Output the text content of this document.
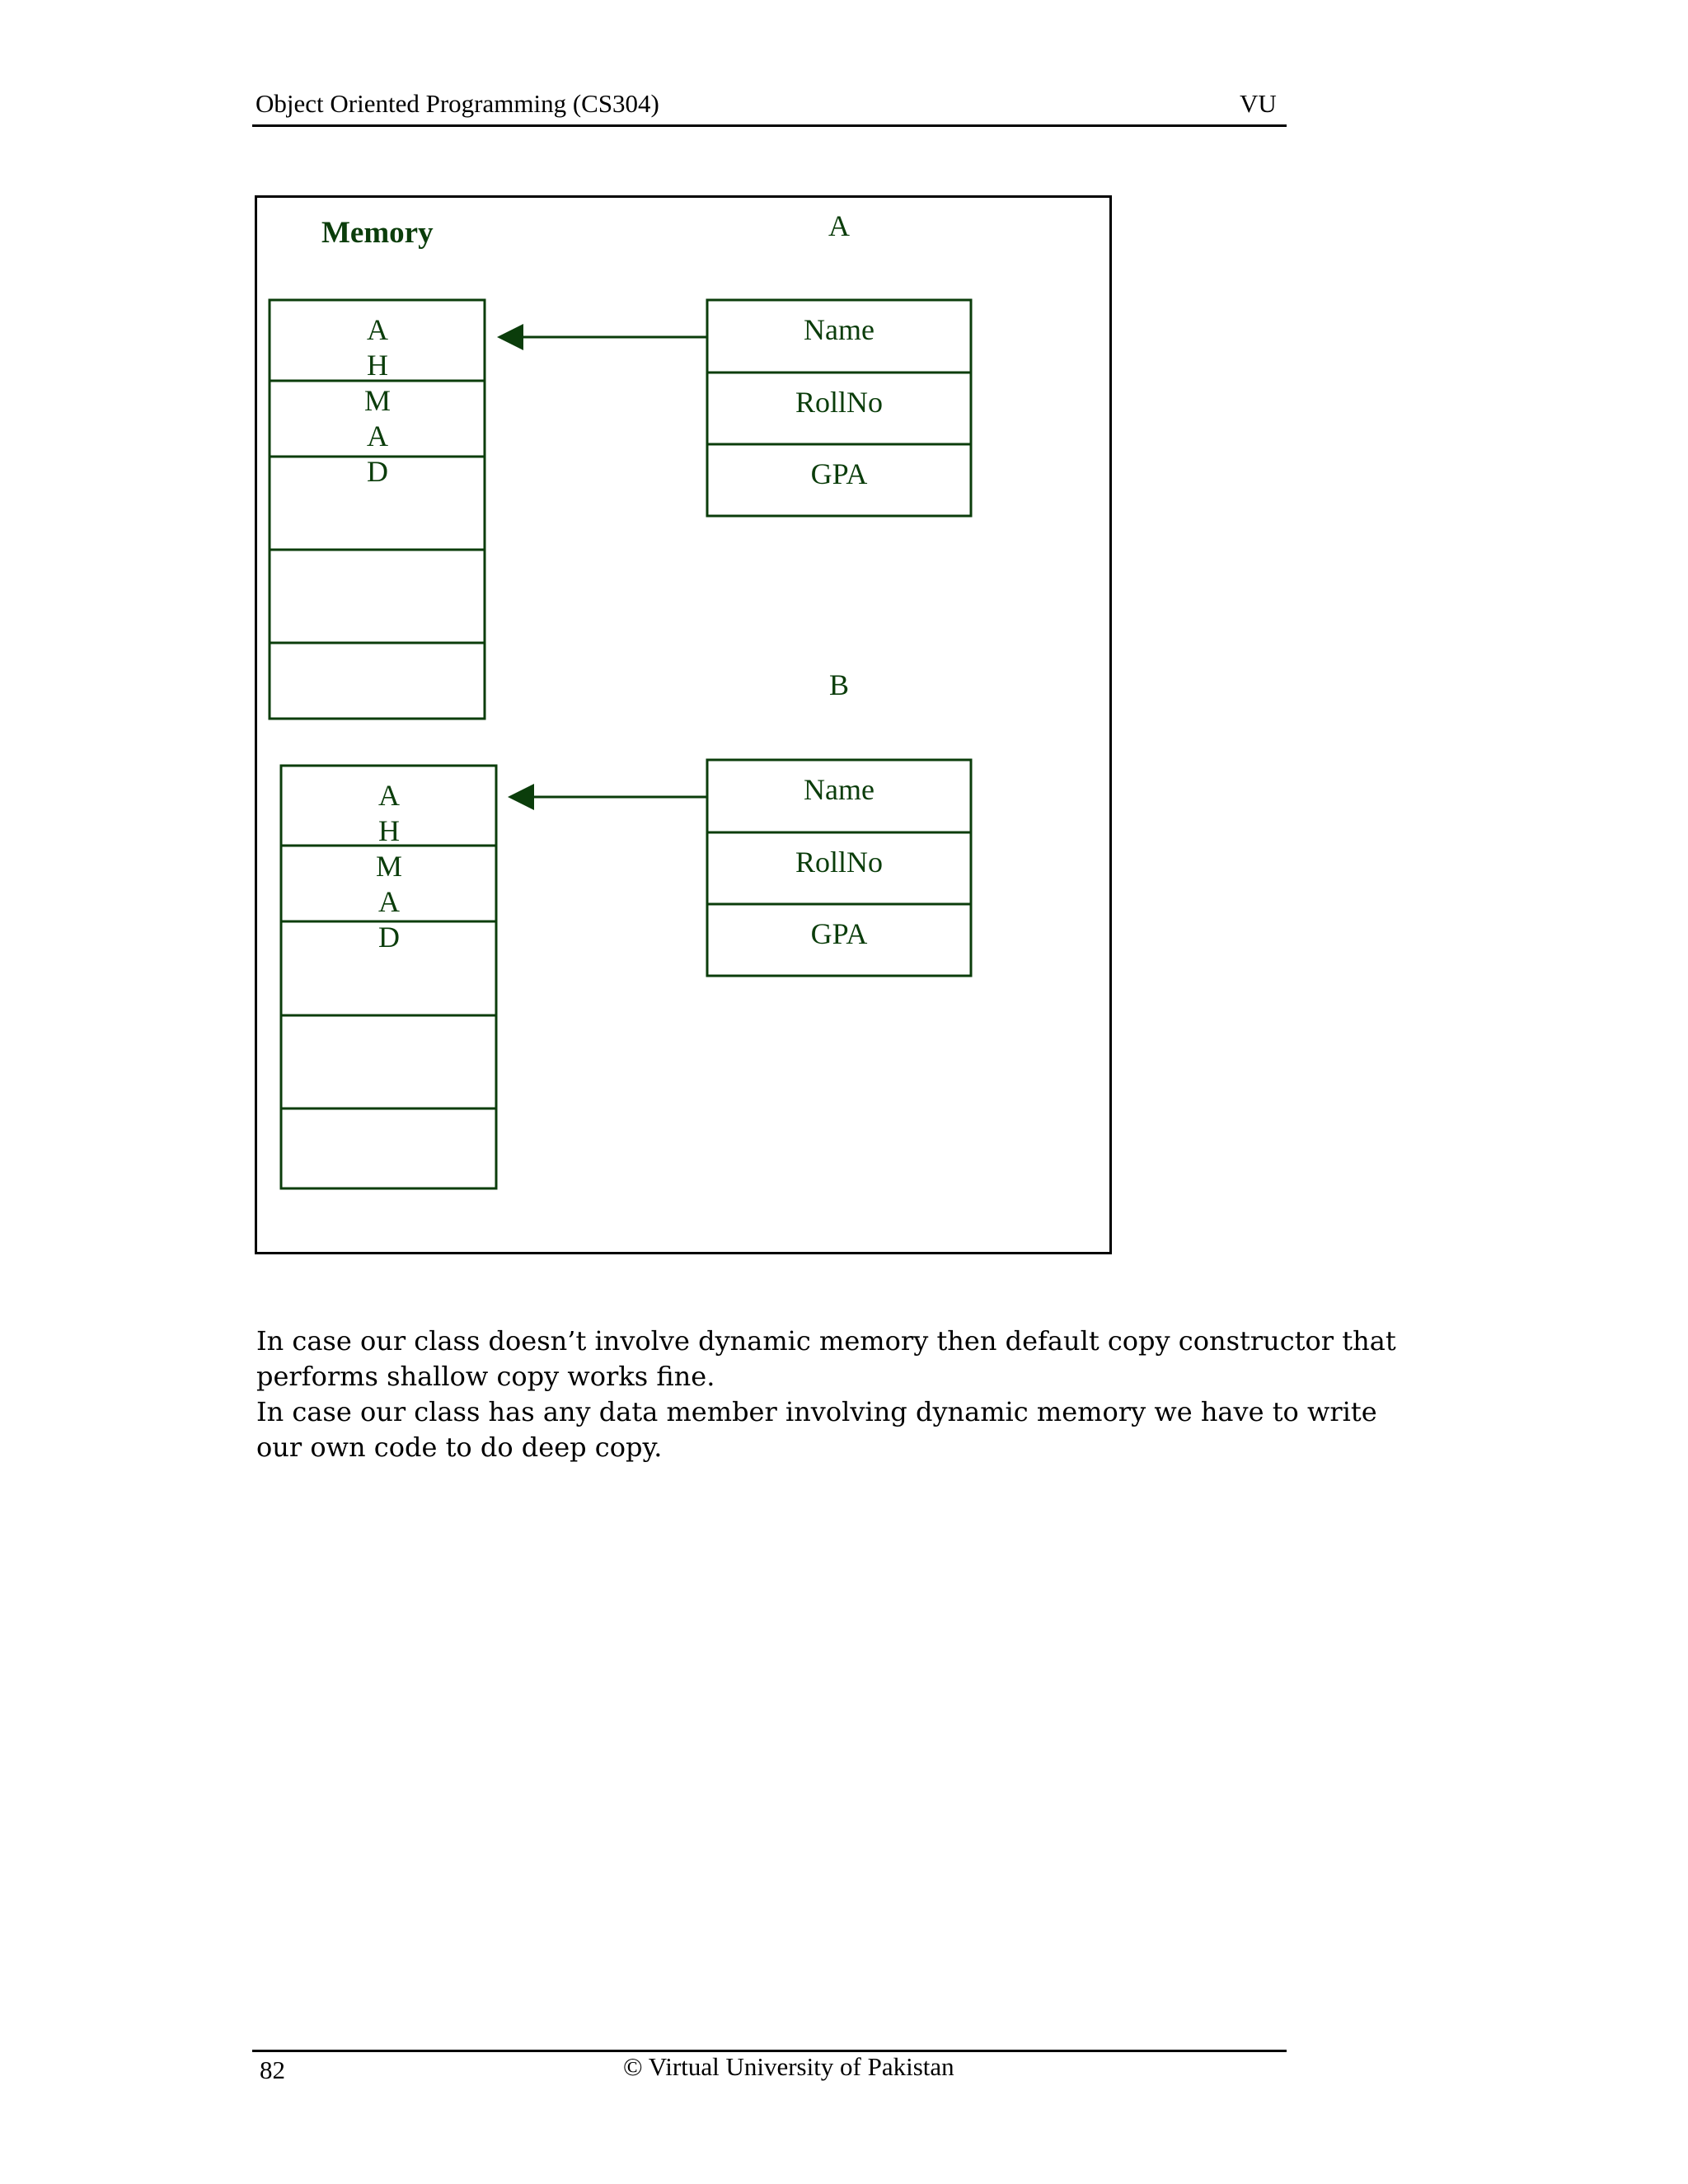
Object Oriented Programming (CS304)	VU
Memory	A
Name
RollNo
GPA
A
H
M
A
D
B
Name
RollNo
GPA
A
H
M
A
D
In case our class doesn’t involve dynamic memory then default copy constructor that performs shallow copy works fine.
In case our class has any data member involving dynamic memory we have to write our own code to do deep copy.
82	© Virtual University of Pakistan
